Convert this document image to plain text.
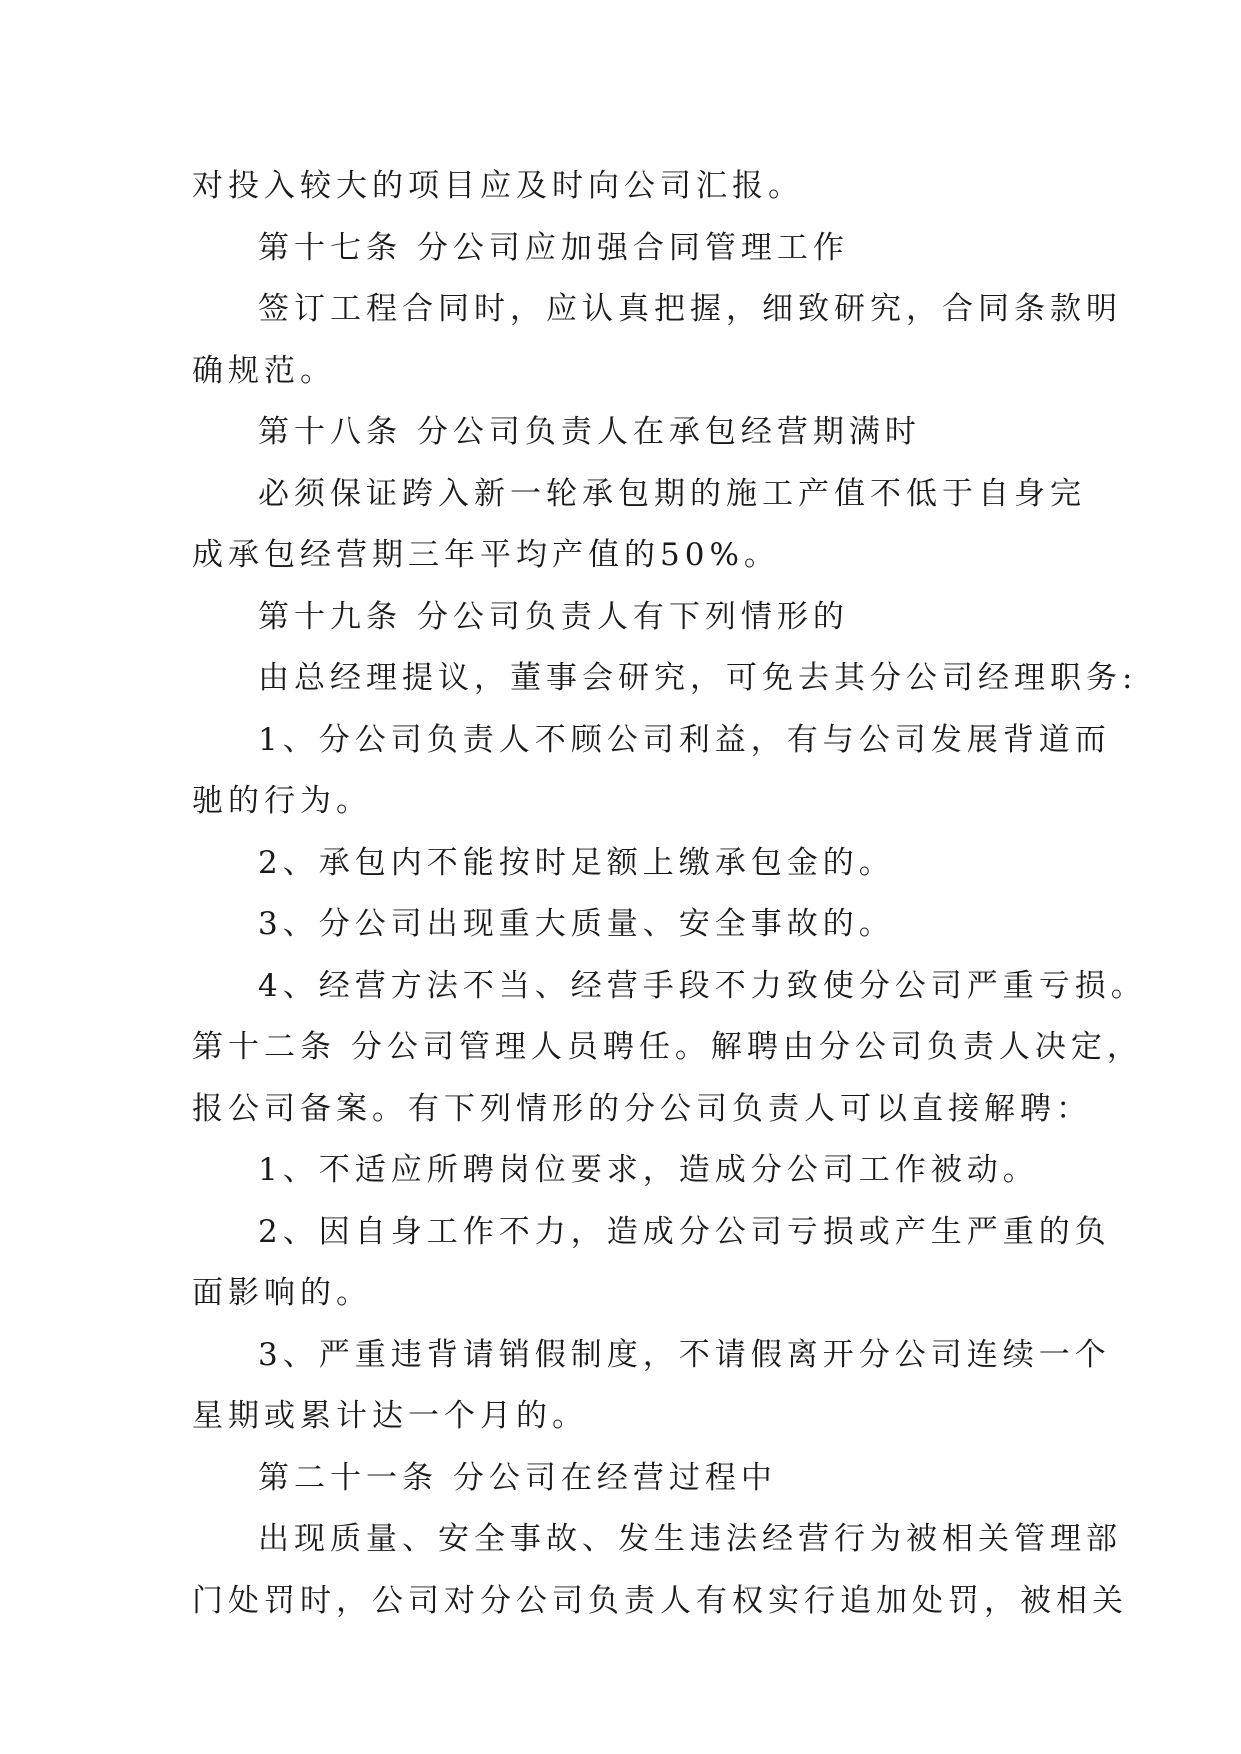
对投入较大的项目应及时向公司汇报。
第十七条 分公司应加强合同管理工作
签订工程合同时，应认真把握，细致研究，合同条款明
确规范。
第十八条 分公司负责人在承包经营期满时
必须保证跨入新一轮承包期的施工产值不低于自身完
成承包经营期三年平均产值的50%。
第十九条 分公司负责人有下列情形的
由总经理提议，董事会研究，可免去其分公司经理职务:
1、分公司负责人不顾公司利益，有与公司发展背道而
驰的行为。
2、承包内不能按时足额上缴承包金的。
3、分公司出现重大质量、安全事故的。
4、经营方法不当、经营手段不力致使分公司严重亏损。
第十二条 分公司管理人员聘任。解聘由分公司负责人决定，
报公司备案。有下列情形的分公司负责人可以直接解聘：
1、不适应所聘岗位要求，造成分公司工作被动。
2、因自身工作不力，造成分公司亏损或产生严重的负
面影响的。
3、严重违背请销假制度，不请假离开分公司连续一个
星期或累计达一个月的。
第二十一条 分公司在经营过程中
出现质量、安全事故、发生违法经营行为被相关管理部
门处罚时，公司对分公司负责人有权实行追加处罚，被相关
